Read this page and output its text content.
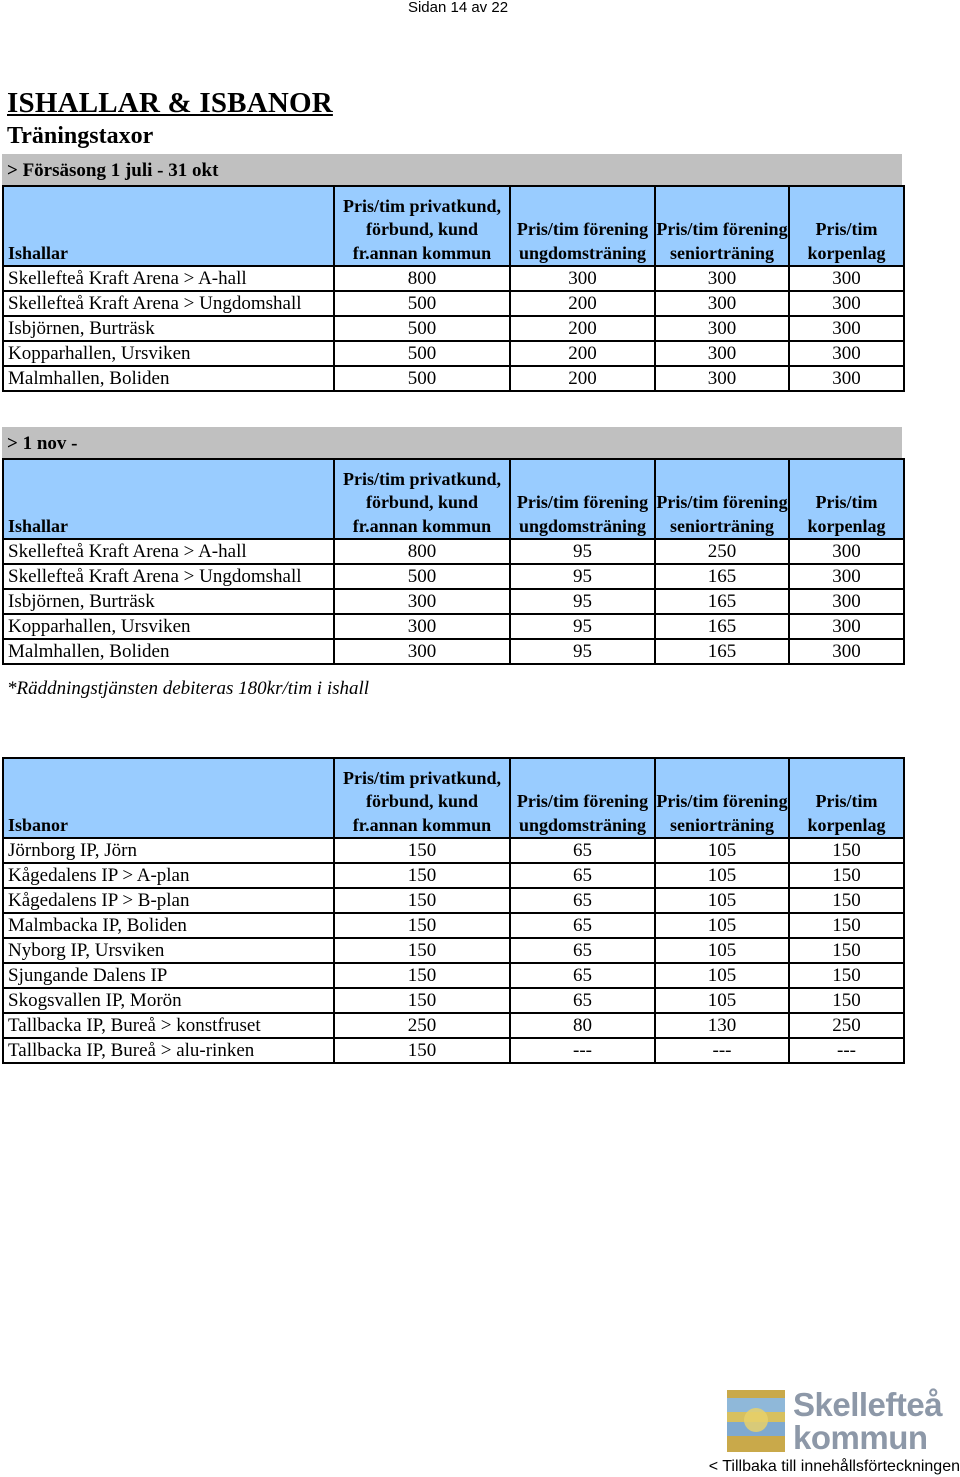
Sidan 14 av 22
ISHALLAR & ISBANOR
Träningstaxor
> Försäsong 1 juli - 31 okt
Ishallar	Pris/tim privatkund, förbund, kund fr.annan kommun	Pris/tim förening ungdomsträning	Pris/tim förening seniorträning	Pris/tim korpenlag
Skellefteå Kraft Arena > A-hall	800	300	300	300
Skellefteå Kraft Arena > Ungdomshall	500	200	300	300
Isbjörnen, Burträsk	500	200	300	300
Kopparhallen, Ursviken	500	200	300	300
Malmhallen, Boliden	500	200	300	300
> 1 nov -
Ishallar	Pris/tim privatkund, förbund, kund fr.annan kommun	Pris/tim förening ungdomsträning	Pris/tim förening seniorträning	Pris/tim korpenlag
Skellefteå Kraft Arena > A-hall	800	95	250	300
Skellefteå Kraft Arena > Ungdomshall	500	95	165	300
Isbjörnen, Burträsk	300	95	165	300
Kopparhallen, Ursviken	300	95	165	300
Malmhallen, Boliden	300	95	165	300
*Räddningstjänsten debiteras 180kr/tim i ishall
Isbanor	Pris/tim privatkund, förbund, kund fr.annan kommun	Pris/tim förening ungdomsträning	Pris/tim förening seniorträning	Pris/tim korpenlag
Jörnborg IP, Jörn	150	65	105	150
Kågedalens IP > A-plan	150	65	105	150
Kågedalens IP > B-plan	150	65	105	150
Malmbacka IP, Boliden	150	65	105	150
Nyborg IP, Ursviken	150	65	105	150
Sjungande Dalens IP	150	65	105	150
Skogsvallen IP, Morön	150	65	105	150
Tallbacka IP, Bureå > konstfruset	250	80	130	250
Tallbacka IP, Bureå > alu-rinken	150	---	---	---
Skellefteå
kommun
< Tillbaka till innehållsförteckningen
